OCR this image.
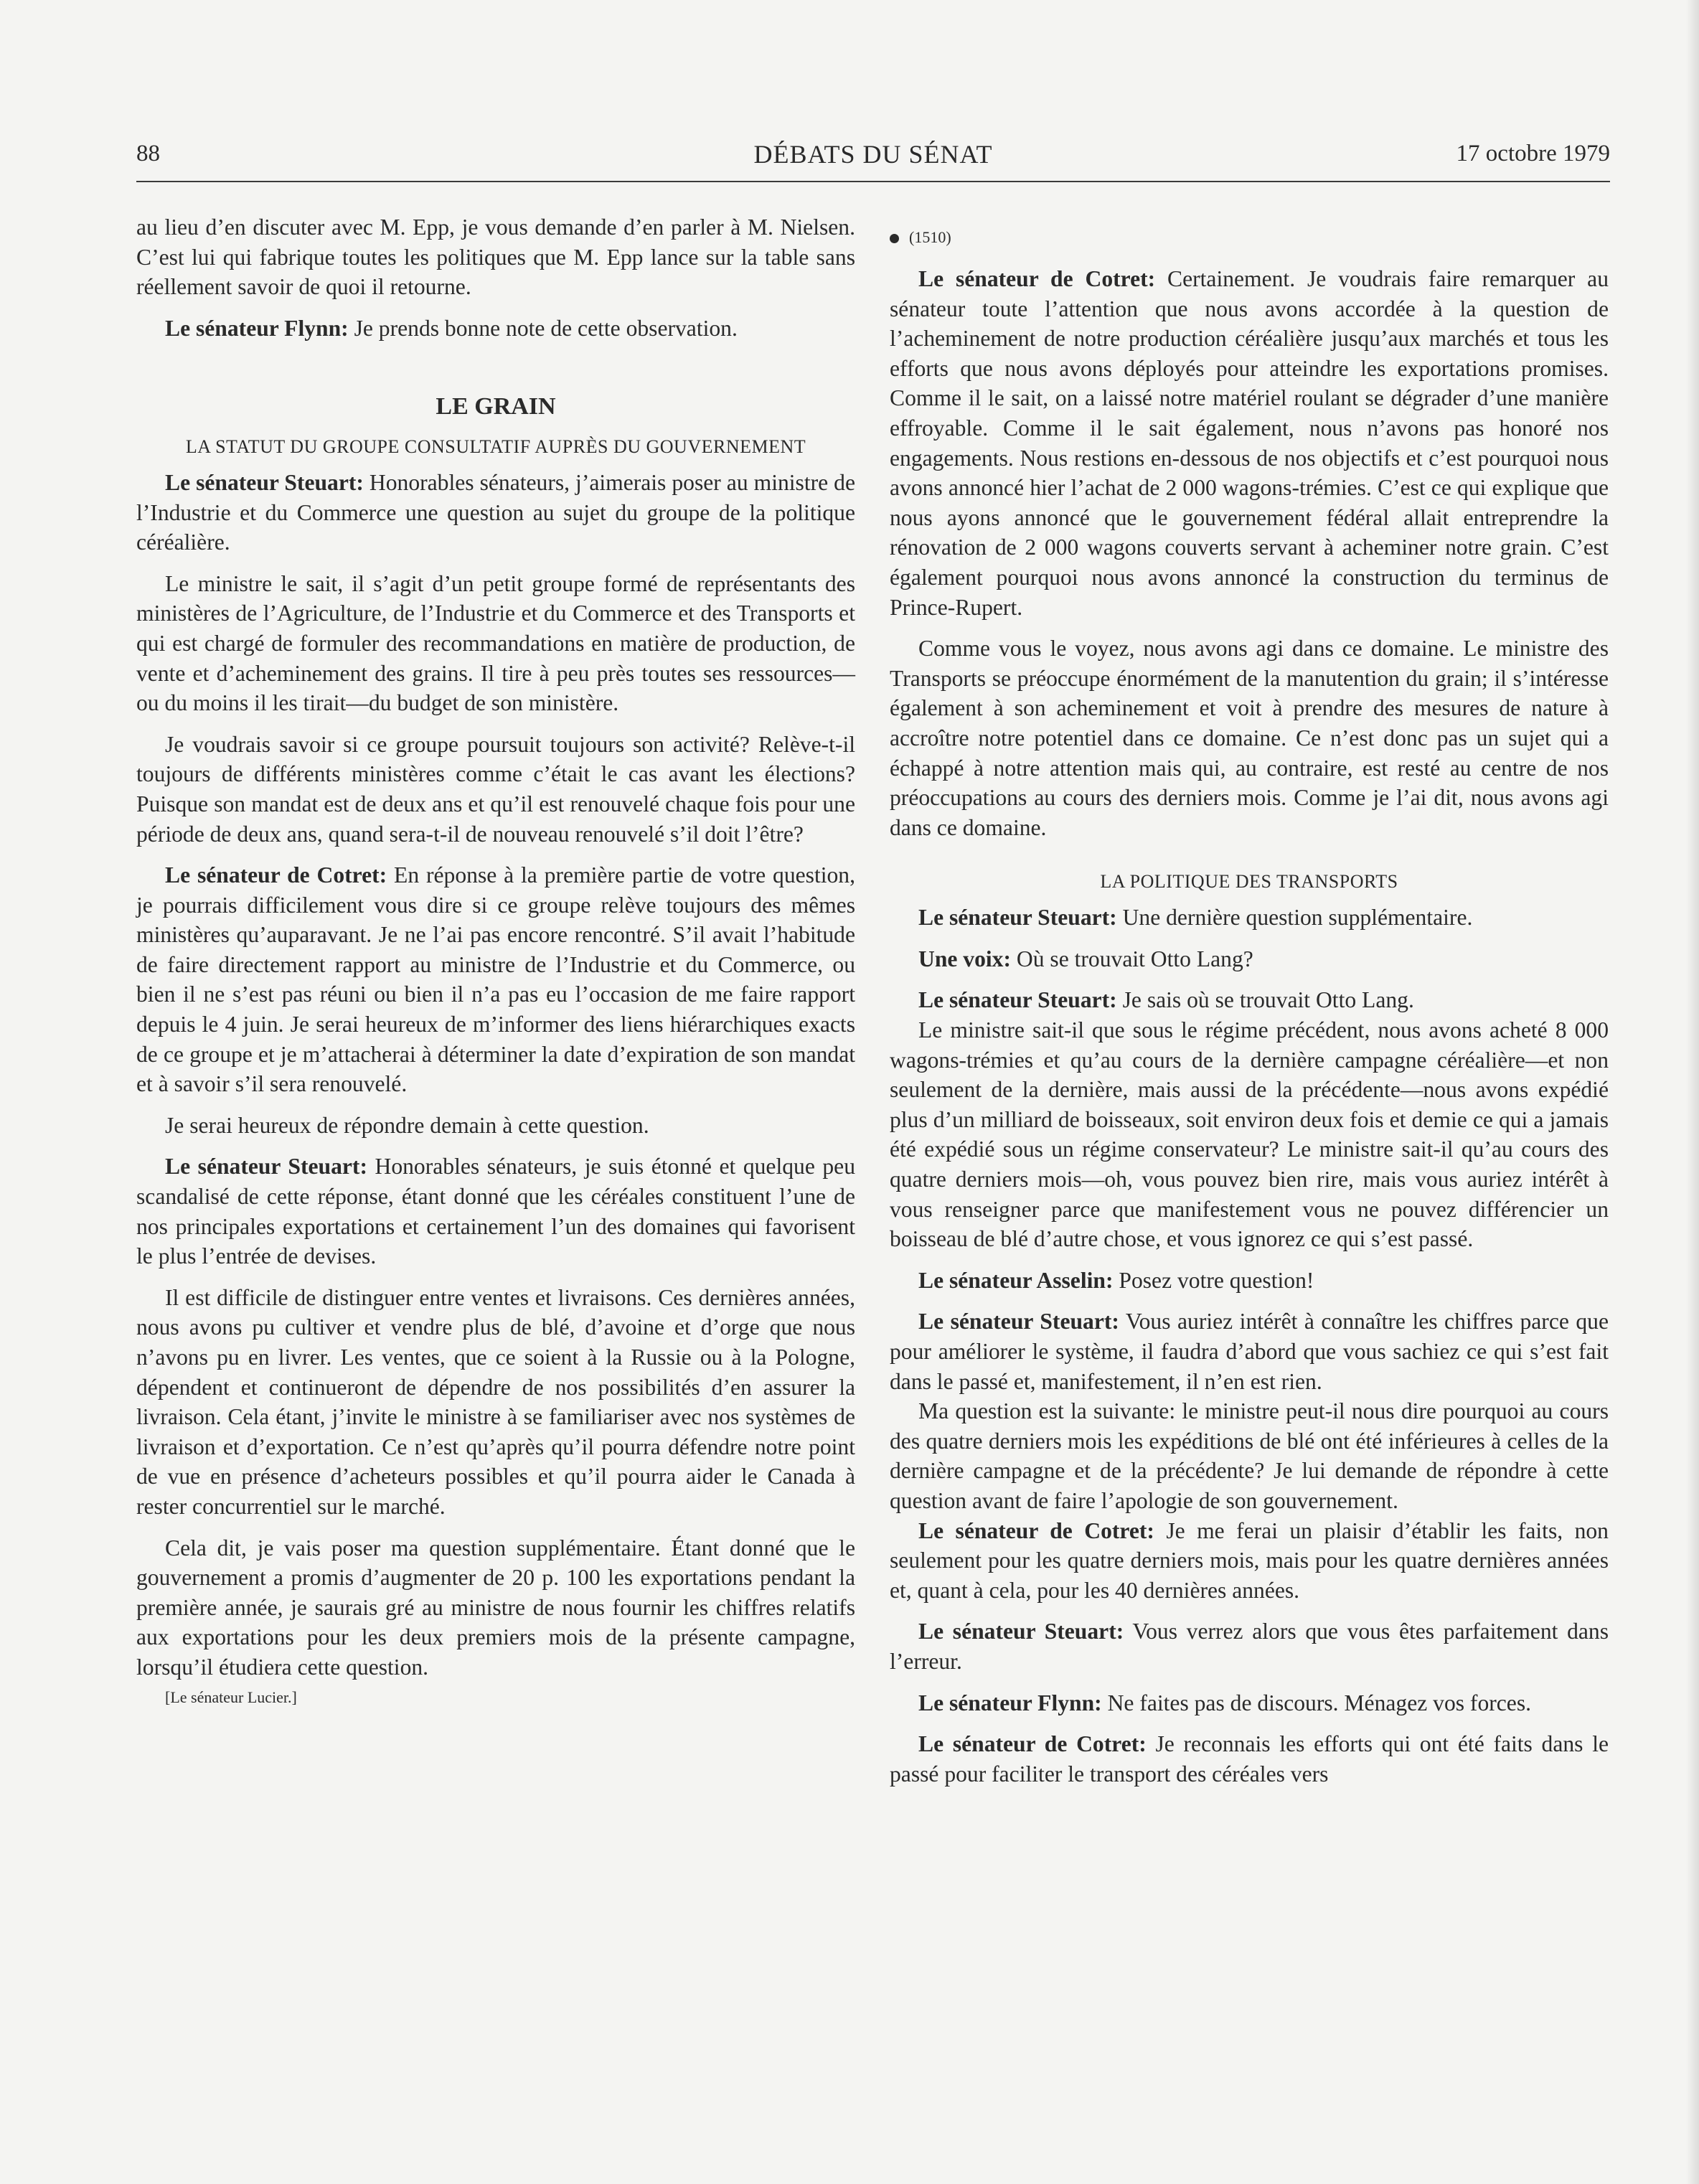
88	DÉBATS DU SÉNAT	17 octobre 1979

au lieu d’en discuter avec M. Epp, je vous demande d’en parler à M. Nielsen. C’est lui qui fabrique toutes les politiques que M. Epp lance sur la table sans réellement savoir de quoi il retourne.

Le sénateur Flynn: Je prends bonne note de cette observation.

LE GRAIN
LA STATUT DU GROUPE CONSULTATIF AUPRÈS DU GOUVERNEMENT

Le sénateur Steuart: Honorables sénateurs, j’aimerais poser au ministre de l’Industrie et du Commerce une question au sujet du groupe de la politique céréalière.

Le ministre le sait, il s’agit d’un petit groupe formé de représentants des ministères de l’Agriculture, de l’Industrie et du Commerce et des Transports et qui est chargé de formuler des recommandations en matière de production, de vente et d’acheminement des grains. Il tire à peu près toutes ses ressources—ou du moins il les tirait—du budget de son ministère.

Je voudrais savoir si ce groupe poursuit toujours son activité? Relève-t-il toujours de différents ministères comme c’était le cas avant les élections? Puisque son mandat est de deux ans et qu’il est renouvelé chaque fois pour une période de deux ans, quand sera-t-il de nouveau renouvelé s’il doit l’être?

Le sénateur de Cotret: En réponse à la première partie de votre question, je pourrais difficilement vous dire si ce groupe relève toujours des mêmes ministères qu’auparavant. Je ne l’ai pas encore rencontré. S’il avait l’habitude de faire directement rapport au ministre de l’Industrie et du Commerce, ou bien il ne s’est pas réuni ou bien il n’a pas eu l’occasion de me faire rapport depuis le 4 juin. Je serai heureux de m’informer des liens hiérarchiques exacts de ce groupe et je m’attacherai à déterminer la date d’expiration de son mandat et à savoir s’il sera renouvelé.

Je serai heureux de répondre demain à cette question.

Le sénateur Steuart: Honorables sénateurs, je suis étonné et quelque peu scandalisé de cette réponse, étant donné que les céréales constituent l’une de nos principales exportations et certainement l’un des domaines qui favorisent le plus l’entrée de devises.

Il est difficile de distinguer entre ventes et livraisons. Ces dernières années, nous avons pu cultiver et vendre plus de blé, d’avoine et d’orge que nous n’avons pu en livrer. Les ventes, que ce soient à la Russie ou à la Pologne, dépendent et continueront de dépendre de nos possibilités d’en assurer la livraison. Cela étant, j’invite le ministre à se familiariser avec nos systèmes de livraison et d’exportation. Ce n’est qu’après qu’il pourra défendre notre point de vue en présence d’acheteurs possibles et qu’il pourra aider le Canada à rester concurrentiel sur le marché.

Cela dit, je vais poser ma question supplémentaire. Étant donné que le gouvernement a promis d’augmenter de 20 p. 100 les exportations pendant la première année, je saurais gré au ministre de nous fournir les chiffres relatifs aux exportations pour les deux premiers mois de la présente campagne, lorsqu’il étudiera cette question.

[Le sénateur Lucier.]

(1510)

Le sénateur de Cotret: Certainement. Je voudrais faire remarquer au sénateur toute l’attention que nous avons accordée à la question de l’acheminement de notre production céréalière jusqu’aux marchés et tous les efforts que nous avons déployés pour atteindre les exportations promises. Comme il le sait, on a laissé notre matériel roulant se dégrader d’une manière effroyable. Comme il le sait également, nous n’avons pas honoré nos engagements. Nous restions en-dessous de nos objectifs et c’est pourquoi nous avons annoncé hier l’achat de 2 000 wagons-trémies. C’est ce qui explique que nous ayons annoncé que le gouvernement fédéral allait entreprendre la rénovation de 2 000 wagons couverts servant à acheminer notre grain. C’est également pourquoi nous avons annoncé la construction du terminus de Prince-Rupert.

Comme vous le voyez, nous avons agi dans ce domaine. Le ministre des Transports se préoccupe énormément de la manutention du grain; il s’intéresse également à son acheminement et voit à prendre des mesures de nature à accroître notre potentiel dans ce domaine. Ce n’est donc pas un sujet qui a échappé à notre attention mais qui, au contraire, est resté au centre de nos préoccupations au cours des derniers mois. Comme je l’ai dit, nous avons agi dans ce domaine.

LA POLITIQUE DES TRANSPORTS

Le sénateur Steuart: Une dernière question supplémentaire.

Une voix: Où se trouvait Otto Lang?

Le sénateur Steuart: Je sais où se trouvait Otto Lang.

Le ministre sait-il que sous le régime précédent, nous avons acheté 8 000 wagons-trémies et qu’au cours de la dernière campagne céréalière—et non seulement de la dernière, mais aussi de la précédente—nous avons expédié plus d’un milliard de boisseaux, soit environ deux fois et demie ce qui a jamais été expédié sous un régime conservateur? Le ministre sait-il qu’au cours des quatre derniers mois—oh, vous pouvez bien rire, mais vous auriez intérêt à vous renseigner parce que manifestement vous ne pouvez différencier un boisseau de blé d’autre chose, et vous ignorez ce qui s’est passé.

Le sénateur Asselin: Posez votre question!

Le sénateur Steuart: Vous auriez intérêt à connaître les chiffres parce que pour améliorer le système, il faudra d’abord que vous sachiez ce qui s’est fait dans le passé et, manifestement, il n’en est rien.

Ma question est la suivante: le ministre peut-il nous dire pourquoi au cours des quatre derniers mois les expéditions de blé ont été inférieures à celles de la dernière campagne et de la précédente? Je lui demande de répondre à cette question avant de faire l’apologie de son gouvernement.

Le sénateur de Cotret: Je me ferai un plaisir d’établir les faits, non seulement pour les quatre derniers mois, mais pour les quatre dernières années et, quant à cela, pour les 40 dernières années.

Le sénateur Steuart: Vous verrez alors que vous êtes parfaitement dans l’erreur.

Le sénateur Flynn: Ne faites pas de discours. Ménagez vos forces.

Le sénateur de Cotret: Je reconnais les efforts qui ont été faits dans le passé pour faciliter le transport des céréales vers
